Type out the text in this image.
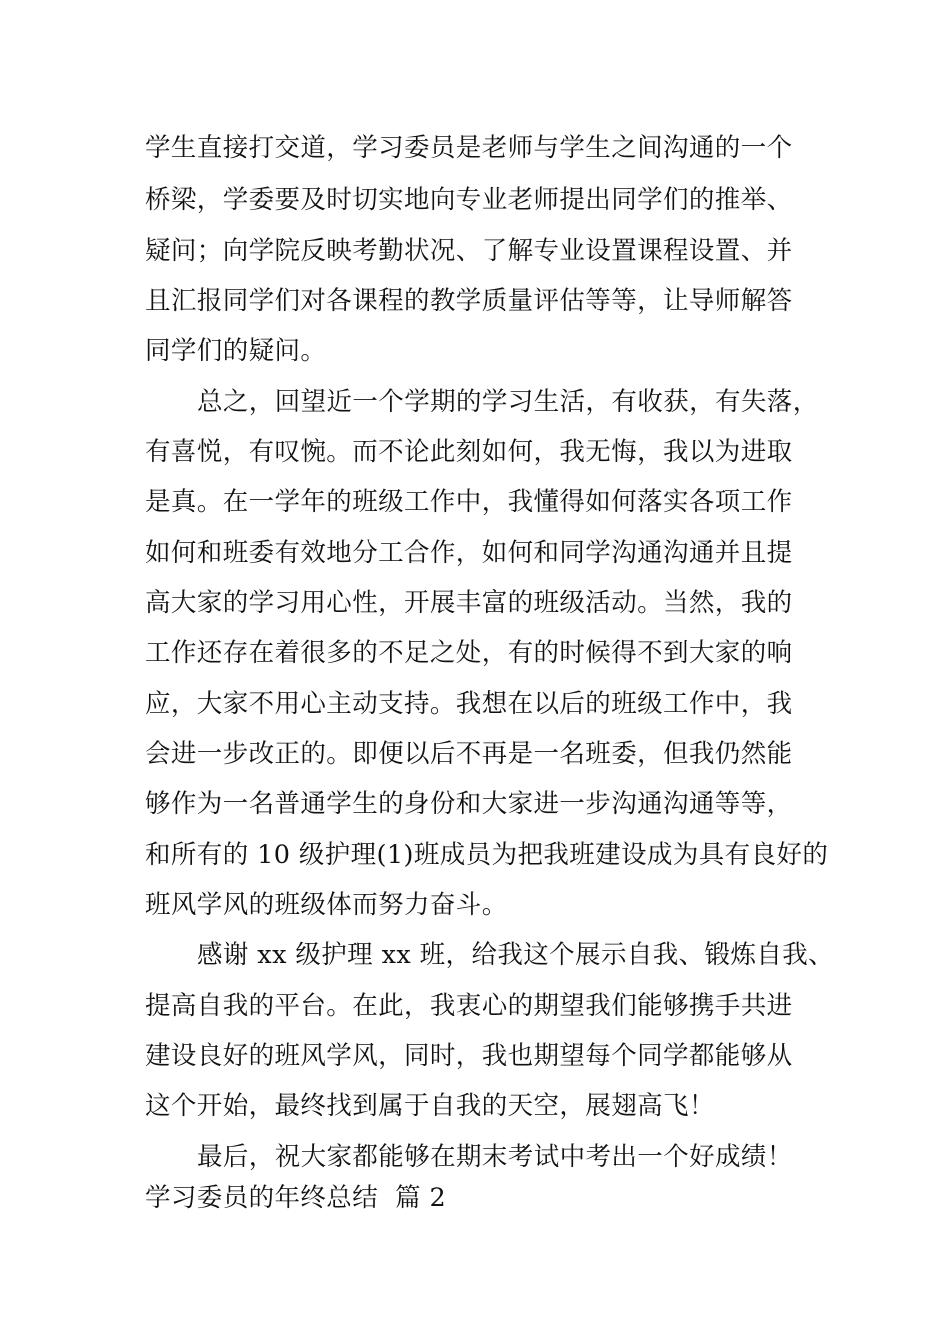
学生直接打交道，学习委员是老师与学生之间沟通的一个
桥梁，学委要及时切实地向专业老师提出同学们的推举、
疑问；向学院反映考勤状况、了解专业设置课程设置、并
且汇报同学们对各课程的教学质量评估等等，让导师解答
同学们的疑问。
总之，回望近一个学期的学习生活，有收获，有失落，
有喜悦，有叹惋。而不论此刻如何，我无悔，我以为进取
是真。在一学年的班级工作中，我懂得如何落实各项工作
如何和班委有效地分工合作，如何和同学沟通沟通并且提
高大家的学习用心性，开展丰富的班级活动。当然，我的
工作还存在着很多的不足之处，有的时候得不到大家的响
应，大家不用心主动支持。我想在以后的班级工作中，我
会进一步改正的。即便以后不再是一名班委，但我仍然能
够作为一名普通学生的身份和大家进一步沟通沟通等等，
和所有的 10 级护理(1)班成员为把我班建设成为具有良好的
班风学风的班级体而努力奋斗。
感谢 xx 级护理 xx 班，给我这个展示自我、锻炼自我、
提高自我的平台。在此，我衷心的期望我们能够携手共进
建设良好的班风学风，同时，我也期望每个同学都能够从
这个开始，最终找到属于自我的天空，展翅高飞！
最后，祝大家都能够在期末考试中考出一个好成绩！
学习委员的年终总结  篇 2
